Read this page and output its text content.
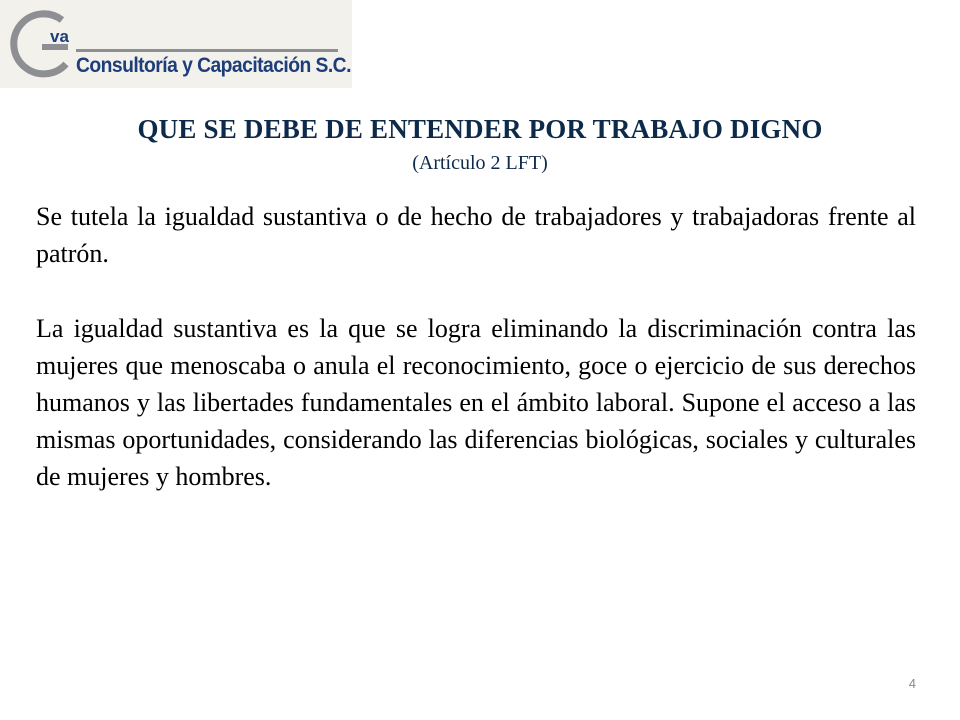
va
Consultoría y Capacitación S.C.
QUE SE DEBE DE ENTENDER POR TRABAJO DIGNO
(Artículo 2 LFT)

Se tutela la igualdad sustantiva o de hecho de trabajadores y trabajadoras frente al patrón.

La igualdad sustantiva es la que se logra eliminando la discriminación contra las mujeres que menoscaba o anula el reconocimiento, goce o ejercicio de sus derechos humanos y las libertades fundamentales en el ámbito laboral. Supone el acceso a las mismas oportunidades, considerando las diferencias biológicas, sociales y culturales de mujeres y hombres.

4
